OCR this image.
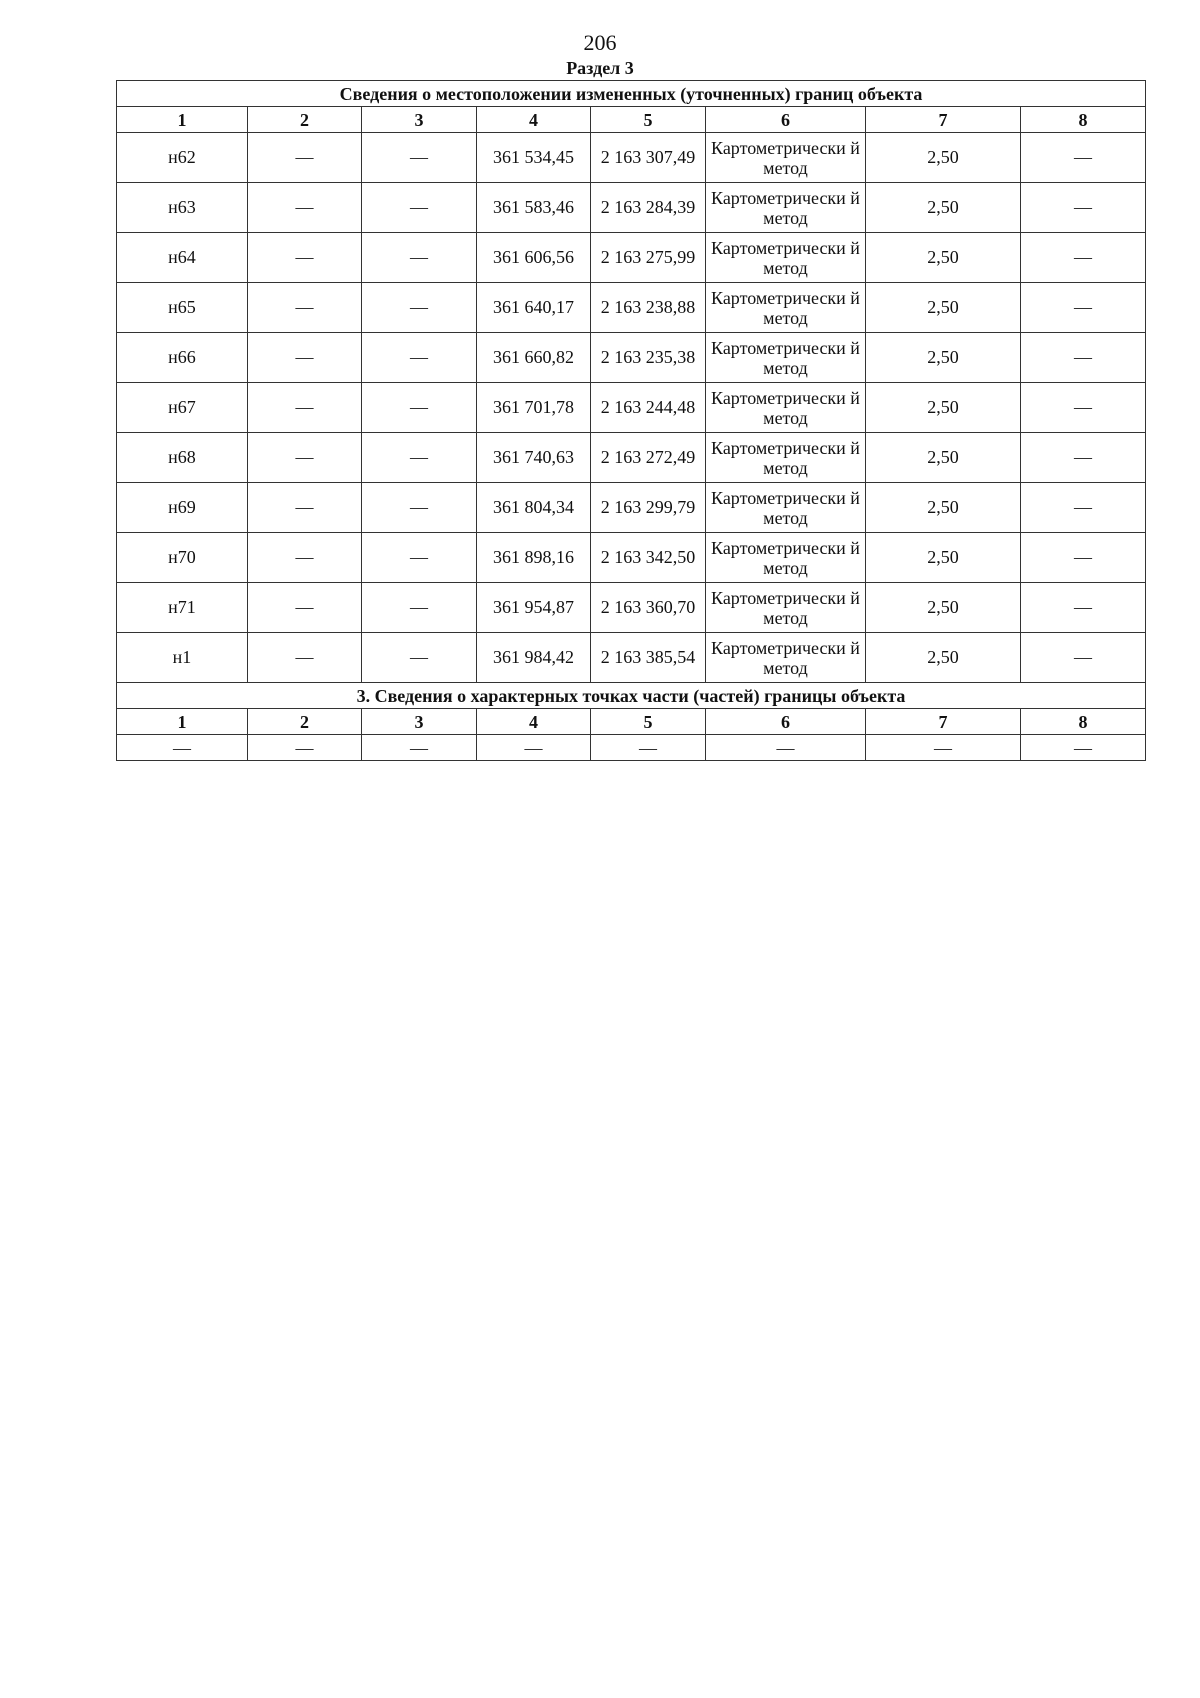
206
Раздел 3
Сведения о местоположении измененных (уточненных) границ объекта							
1	2	3	4	5	6	7	8
н62	—	—	361 534,45	2 163 307,49	Картометрически й метод	2,50	—
н63	—	—	361 583,46	2 163 284,39	Картометрически й метод	2,50	—
н64	—	—	361 606,56	2 163 275,99	Картометрически й метод	2,50	—
н65	—	—	361 640,17	2 163 238,88	Картометрически й метод	2,50	—
н66	—	—	361 660,82	2 163 235,38	Картометрически й метод	2,50	—
н67	—	—	361 701,78	2 163 244,48	Картометрически й метод	2,50	—
н68	—	—	361 740,63	2 163 272,49	Картометрически й метод	2,50	—
н69	—	—	361 804,34	2 163 299,79	Картометрически й метод	2,50	—
н70	—	—	361 898,16	2 163 342,50	Картометрически й метод	2,50	—
н71	—	—	361 954,87	2 163 360,70	Картометрически й метод	2,50	—
н1	—	—	361 984,42	2 163 385,54	Картометрически й метод	2,50	—
3. Сведения о характерных точках части (частей) границы объекта							
1	2	3	4	5	6	7	8
—	—	—	—	—	—	—	—
